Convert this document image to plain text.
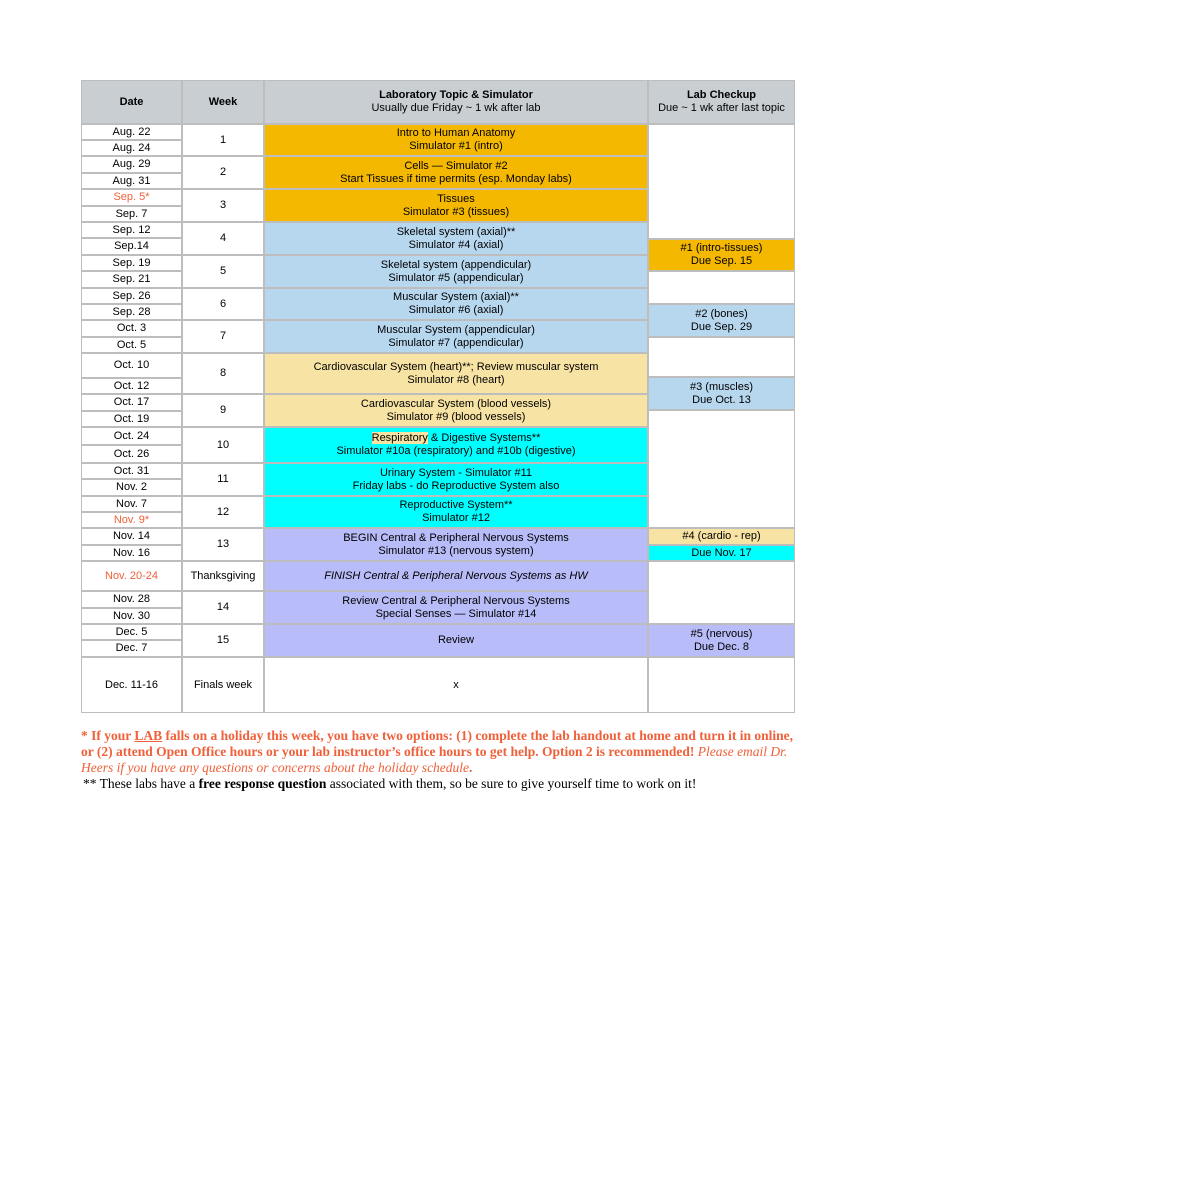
Date	Week
Laboratory Topic & Simulator
Usually due Friday ~ 1 wk after lab
Lab Checkup
Due ~ 1 wk after last topic
Aug. 22
Aug. 24
Aug. 29
Aug. 31
Sep. 5*
Sep. 7
Sep. 12
Sep.14
Sep. 19
Sep. 21
Sep. 26
Sep. 28
Oct. 3
Oct. 5
Oct. 10
Oct. 12
Oct. 17
Oct. 19
Oct. 24
Oct. 26
Oct. 31
Nov. 2
Nov. 7
Nov. 9*
Nov. 14
Nov. 16
Nov. 20-24
Nov. 28
Nov. 30
Dec. 5
Dec. 7
Dec. 11-16
1
2
3
4
5
6
7
8
9
10
11
12
13
Thanksgiving
14
15
Finals week
Intro to Human Anatomy
Simulator #1 (intro)
Cells — Simulator #2
Start Tissues if time permits (esp. Monday labs)
Tissues
Simulator #3 (tissues)
Skeletal system (axial)**
Simulator #4 (axial)
Skeletal system (appendicular)
Simulator #5 (appendicular)
Muscular System (axial)**
Simulator #6 (axial)
Muscular System (appendicular)
Simulator #7 (appendicular)
Cardiovascular System (heart)**; Review muscular system
Simulator #8 (heart)
Cardiovascular System (blood vessels)
Simulator #9 (blood vessels)
Respiratory & Digestive Systems**
Simulator #10a (respiratory) and #10b (digestive)
Urinary System - Simulator #11
Friday labs - do Reproductive System also
Reproductive System**
Simulator #12
BEGIN Central & Peripheral Nervous Systems
Simulator #13 (nervous system)
FINISH Central & Peripheral Nervous Systems as HW
Review Central & Peripheral Nervous Systems
Special Senses — Simulator #14
Review
x
#1 (intro-tissues)
Due Sep. 15
#2 (bones)
Due Sep. 29
#3 (muscles)
Due Oct. 13
#4 (cardio - rep)
Due Nov. 17
#5 (nervous)
Due Dec. 8
* If your LAB falls on a holiday this week, you have two options: (1) complete the lab handout at home and turn it in online, or (2) attend Open Office hours or your lab instructor’s office hours to get help. Option 2 is recommended! Please email Dr. Heers if you have any questions or concerns about the holiday schedule.
** These labs have a free response question associated with them, so be sure to give yourself time to work on it!
